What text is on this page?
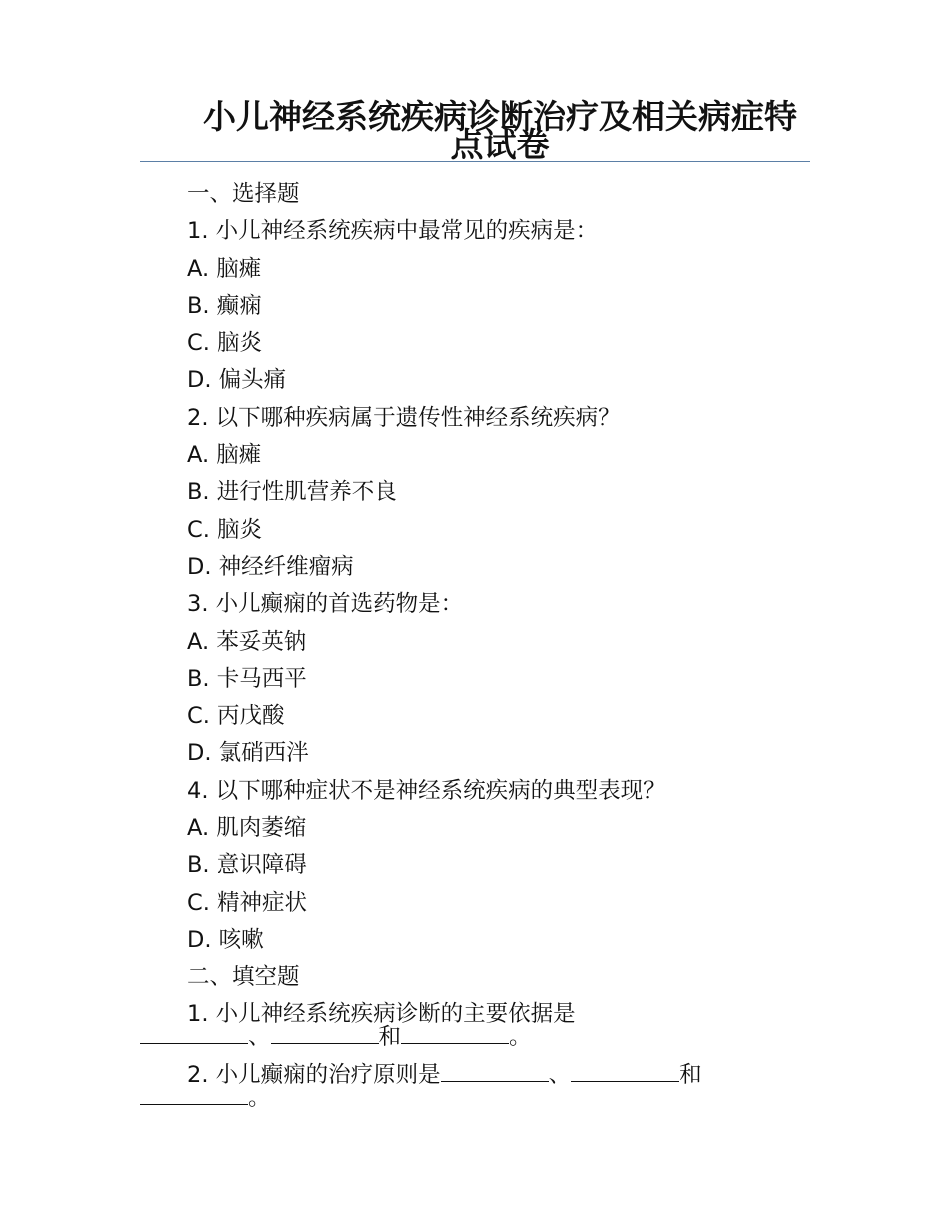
小儿神经系统疾病诊断治疗及相关病症特
点试卷
一、选择题
1. 小儿神经系统疾病中最常见的疾病是：
A. 脑瘫
B. 癫痫
C. 脑炎
D. 偏头痛
2. 以下哪种疾病属于遗传性神经系统疾病？
A. 脑瘫
B. 进行性肌营养不良
C. 脑炎
D. 神经纤维瘤病
3. 小儿癫痫的首选药物是：
A. 苯妥英钠
B. 卡马西平
C. 丙戊酸
D. 氯硝西泮
4. 以下哪种症状不是神经系统疾病的典型表现？
A. 肌肉萎缩
B. 意识障碍
C. 精神症状
D. 咳嗽
二、填空题
1. 小儿神经系统疾病诊断的主要依据是
、	和	。
2. 小儿癫痫的治疗原则是	、	和
。
